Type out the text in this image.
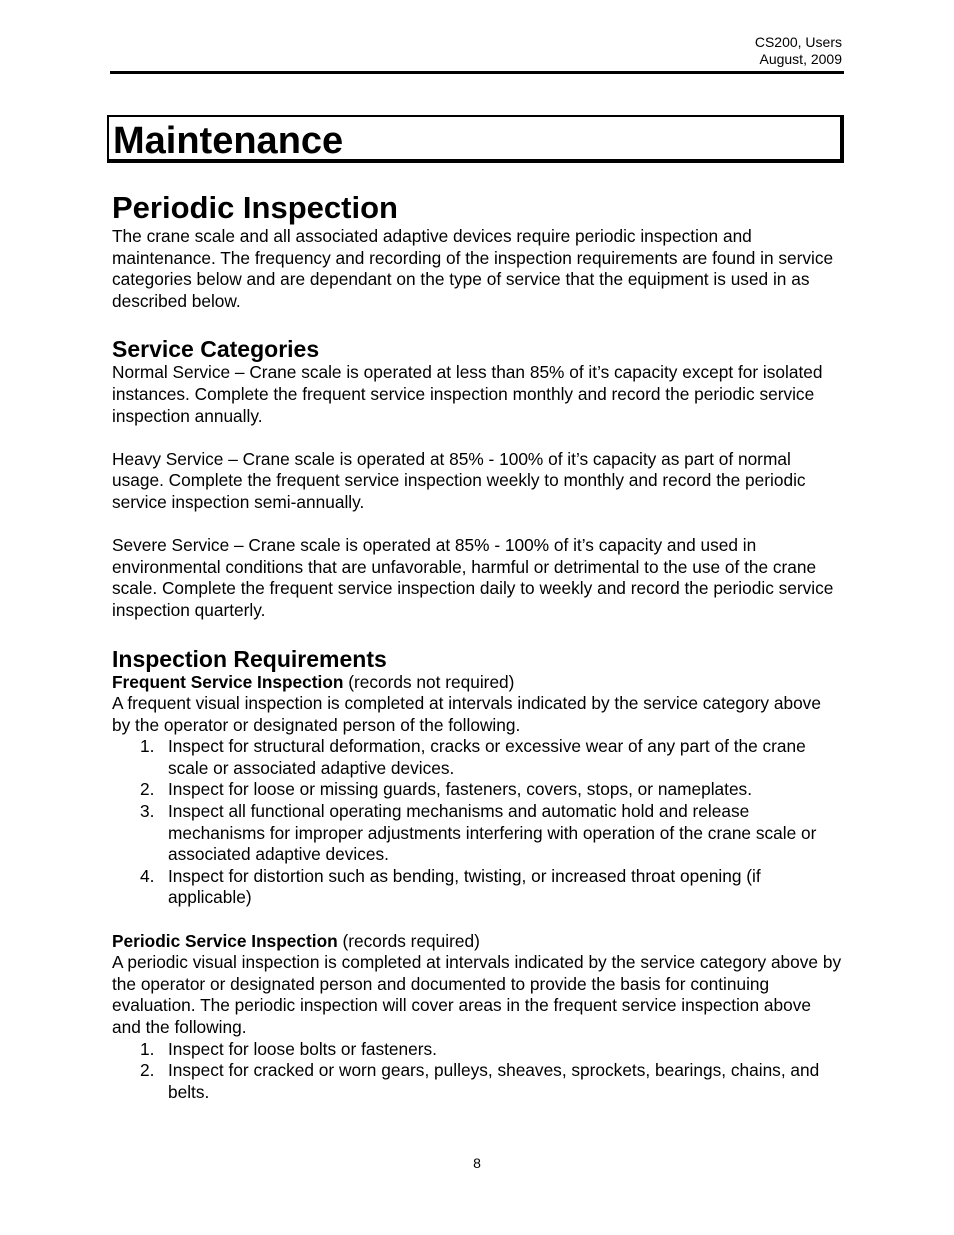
CS200, Users
August, 2009
Maintenance
Periodic Inspection

The crane scale and all associated adaptive devices require periodic inspection and maintenance. The frequency and recording of the inspection requirements are found in service categories below and are dependant on the type of service that the equipment is used in as described below.

Service Categories

Normal Service – Crane scale is operated at less than 85% of it’s capacity except for isolated instances. Complete the frequent service inspection monthly and record the periodic service inspection annually.

Heavy Service – Crane scale is operated at 85% - 100% of it’s capacity as part of normal usage. Complete the frequent service inspection weekly to monthly and record the periodic service inspection semi-annually.

Severe Service – Crane scale is operated at 85% - 100% of it’s capacity and used in environmental conditions that are unfavorable, harmful or detrimental to the use of the crane scale. Complete the frequent service inspection daily to weekly and record the periodic service inspection quarterly.

Inspection Requirements

Frequent Service Inspection (records not required)

A frequent visual inspection is completed at intervals indicated by the service category above by the operator or designated person of the following.

1. Inspect for structural deformation, cracks or excessive wear of any part of the crane scale or associated adaptive devices.
2. Inspect for loose or missing guards, fasteners, covers, stops, or nameplates.
3. Inspect all functional operating mechanisms and automatic hold and release mechanisms for improper adjustments interfering with operation of the crane scale or associated adaptive devices.
4. Inspect for distortion such as bending, twisting, or increased throat opening (if applicable)

Periodic Service Inspection (records required)

A periodic visual inspection is completed at intervals indicated by the service category above by the operator or designated person and documented to provide the basis for continuing evaluation. The periodic inspection will cover areas in the frequent service inspection above and the following.

1. Inspect for loose bolts or fasteners.
2. Inspect for cracked or worn gears, pulleys, sheaves, sprockets, bearings, chains, and belts.
8
